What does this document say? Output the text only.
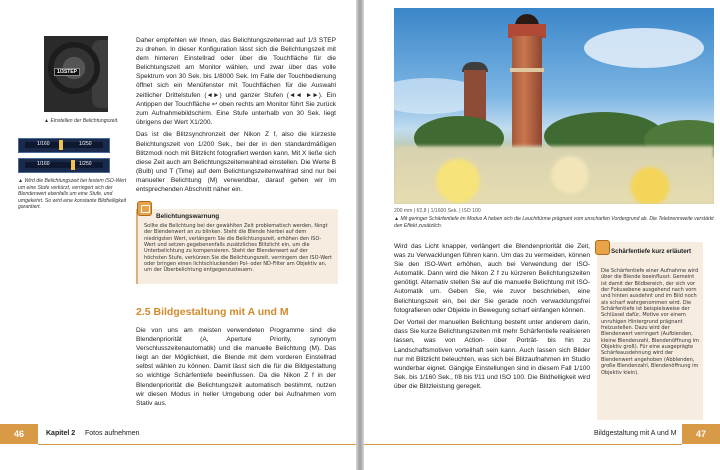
1/3STEP
▲ Einstellen der Belichtungszeit.
1/160	1/250
1/160	1/250
▲ Wird die Belichtungszeit bei festem ISO-Wert um eine Stufe verkürzt, verringert sich der Blendenwert ebenfalls um eine Stufe, und umgekehrt. So wird eine konstante Bildhelligkeit garantiert.

Daher empfehlen wir Ihnen, das Belichtungszeitenrad auf 1/3 STEP zu drehen. In dieser Konfiguration lässt sich die Belichtungszeit mit dem hinteren Einstellrad oder über die Touchfläche für die Belichtungszeit am Monitor wählen, und zwar über das volle Spektrum von 30 Sek. bis 1/8000 Sek. Im Falle der Touchbedienung öffnet sich ein Menüfenster mit Touchflächen für die Auswahl zeitlicher Drittelstufen (◄►) und ganzer Stufen (◄◄ ►►). Ein Antippen der Touchfläche ↩ oben rechts am Monitor führt Sie zurück zum Aufnahmebildschirm. Eine Stufe unterhalb von 30 Sek. liegt übrigens der Wert X1/200.

Das ist die Blitzsynchronzeit der Nikon Z f, also die kürzeste Belichtungszeit von 1/200 Sek., bei der in den standardmäßigen Blitzmodi noch mit Blitzlicht fotografiert werden kann. Mit X ließe sich diese Zeit auch am Belichtungszeitenwahlrad einstellen. Die Werte B (Bulb) und T (Time) auf dem Belichtungszeitenwahlrad sind nur bei manueller Belichtung (M) verwendbar, darauf gehen wir im entsprechenden Abschnitt näher ein.

Belichtungswarnung
Sollte die Belichtung bei der gewählten Zeit problematisch werden, fängt der Blendenwert an zu blinken. Steht die Blende hierbei auf dem niedrigsten Wert, verlängern Sie die Belichtungszeit, erhöhen den ISO-Wert und setzen gegebenenfalls zusätzliches Blitzlicht ein, um die Unterbelichtung zu kompensieren. Steht der Blendenwert auf der höchsten Stufe, verkürzen Sie die Belichtungszeit, verringern den ISO-Wert oder bringen einen lichtschluckenden Pol- oder ND-Filter am Objektiv an, um der Überbelichtung entgegenzusteuern.
2.5 Bildgestaltung mit A und M
Die von uns am meisten verwendeten Programme sind die Blendenpriorität (A, Aperture Priority, synonym Verschlusszeitenautomatik) und die manuelle Belichtung (M). Das liegt an der Möglichkeit, die Blende mit dem vorderen Einstellrad selbst wählen zu können. Damit lässt sich die für die Bildgestaltung so wichtige Schärfentiefe beeinflussen. Da die Nikon Z f in der Blendenpriorität die Belichtungszeit automatisch bestimmt, nutzen wir diesen Modus in heller Umgebung oder bei Aufnahmen vom Stativ aus.
46	Kapitel 2 Fotos aufnehmen
200 mm | f/2,8 | 1/1600 Sek. | ISO 100
▲ Mit geringer Schärfentiefe im Modus A heben sich die Leuchttürme prägnant vom unscharfen Vordergrund ab. Die Telebrennweite verstärkt den Effekt zusätzlich.

Wird das Licht knapper, verlängert die Blendenpriorität die Zeit, was zu Verwacklungen führen kann. Um das zu vermeiden, können Sie den ISO-Wert erhöhen, auch bei Verwendung der ISO-Automatik. Dann wird die Nikon Z f zu kürzeren Belichtungszeiten genötigt. Alternativ stellen Sie auf die manuelle Belichtung mit ISO-Automatik um. Geben Sie, wie zuvor beschrieben, eine Belichtungszeit ein, bei der Sie gerade noch verwacklungsfrei fotografieren oder Objekte in Bewegung scharf einfangen können.

Der Vorteil der manuellen Belichtung besteht unter anderem darin, dass Sie kurze Belichtungszeiten mit mehr Schärfentiefe realisieren lassen, was von Action- über Porträt- bis hin zu Landschaftsmotiven vorteilhaft sein kann. Auch lassen sich Bilder nur mit Blitzlicht beleuchten, was sich bei Blitzaufnahmen im Studio wunderbar eignet. Gängige Einstellungen sind in diesem Fall 1/100 Sek. bis 1/160 Sek., f/8 bis f/11 und ISO 100. Die Bildhelligkeit wird über die Blitzleistung geregelt.

Schärfentiefe kurz erläutert
Die Schärfentiefe einer Aufnahme wird über die Blende beeinflusst. Gemeint ist damit der Bildbereich, der sich vor der Fokusebene ausgehend nach vorn und hinten ausdehnt und im Bild noch als scharf wahrgenommen wird. Die Schärfentiefe ist beispielsweise der Schlüssel dafür, Motive vor einem unruhigen Hintergrund prägnant freizustellen. Dazu wird der Blendenwert verringert (Aufblenden, kleine Blendenzahl, Blendenöffnung im Objektiv groß). Für eine ausgeprägte Schärfeausdehnung wird der Blendenwert angehoben (Abblenden, große Blendenzahl, Blendenöffnung im Objektiv klein).
Bildgestaltung mit A und M	47
